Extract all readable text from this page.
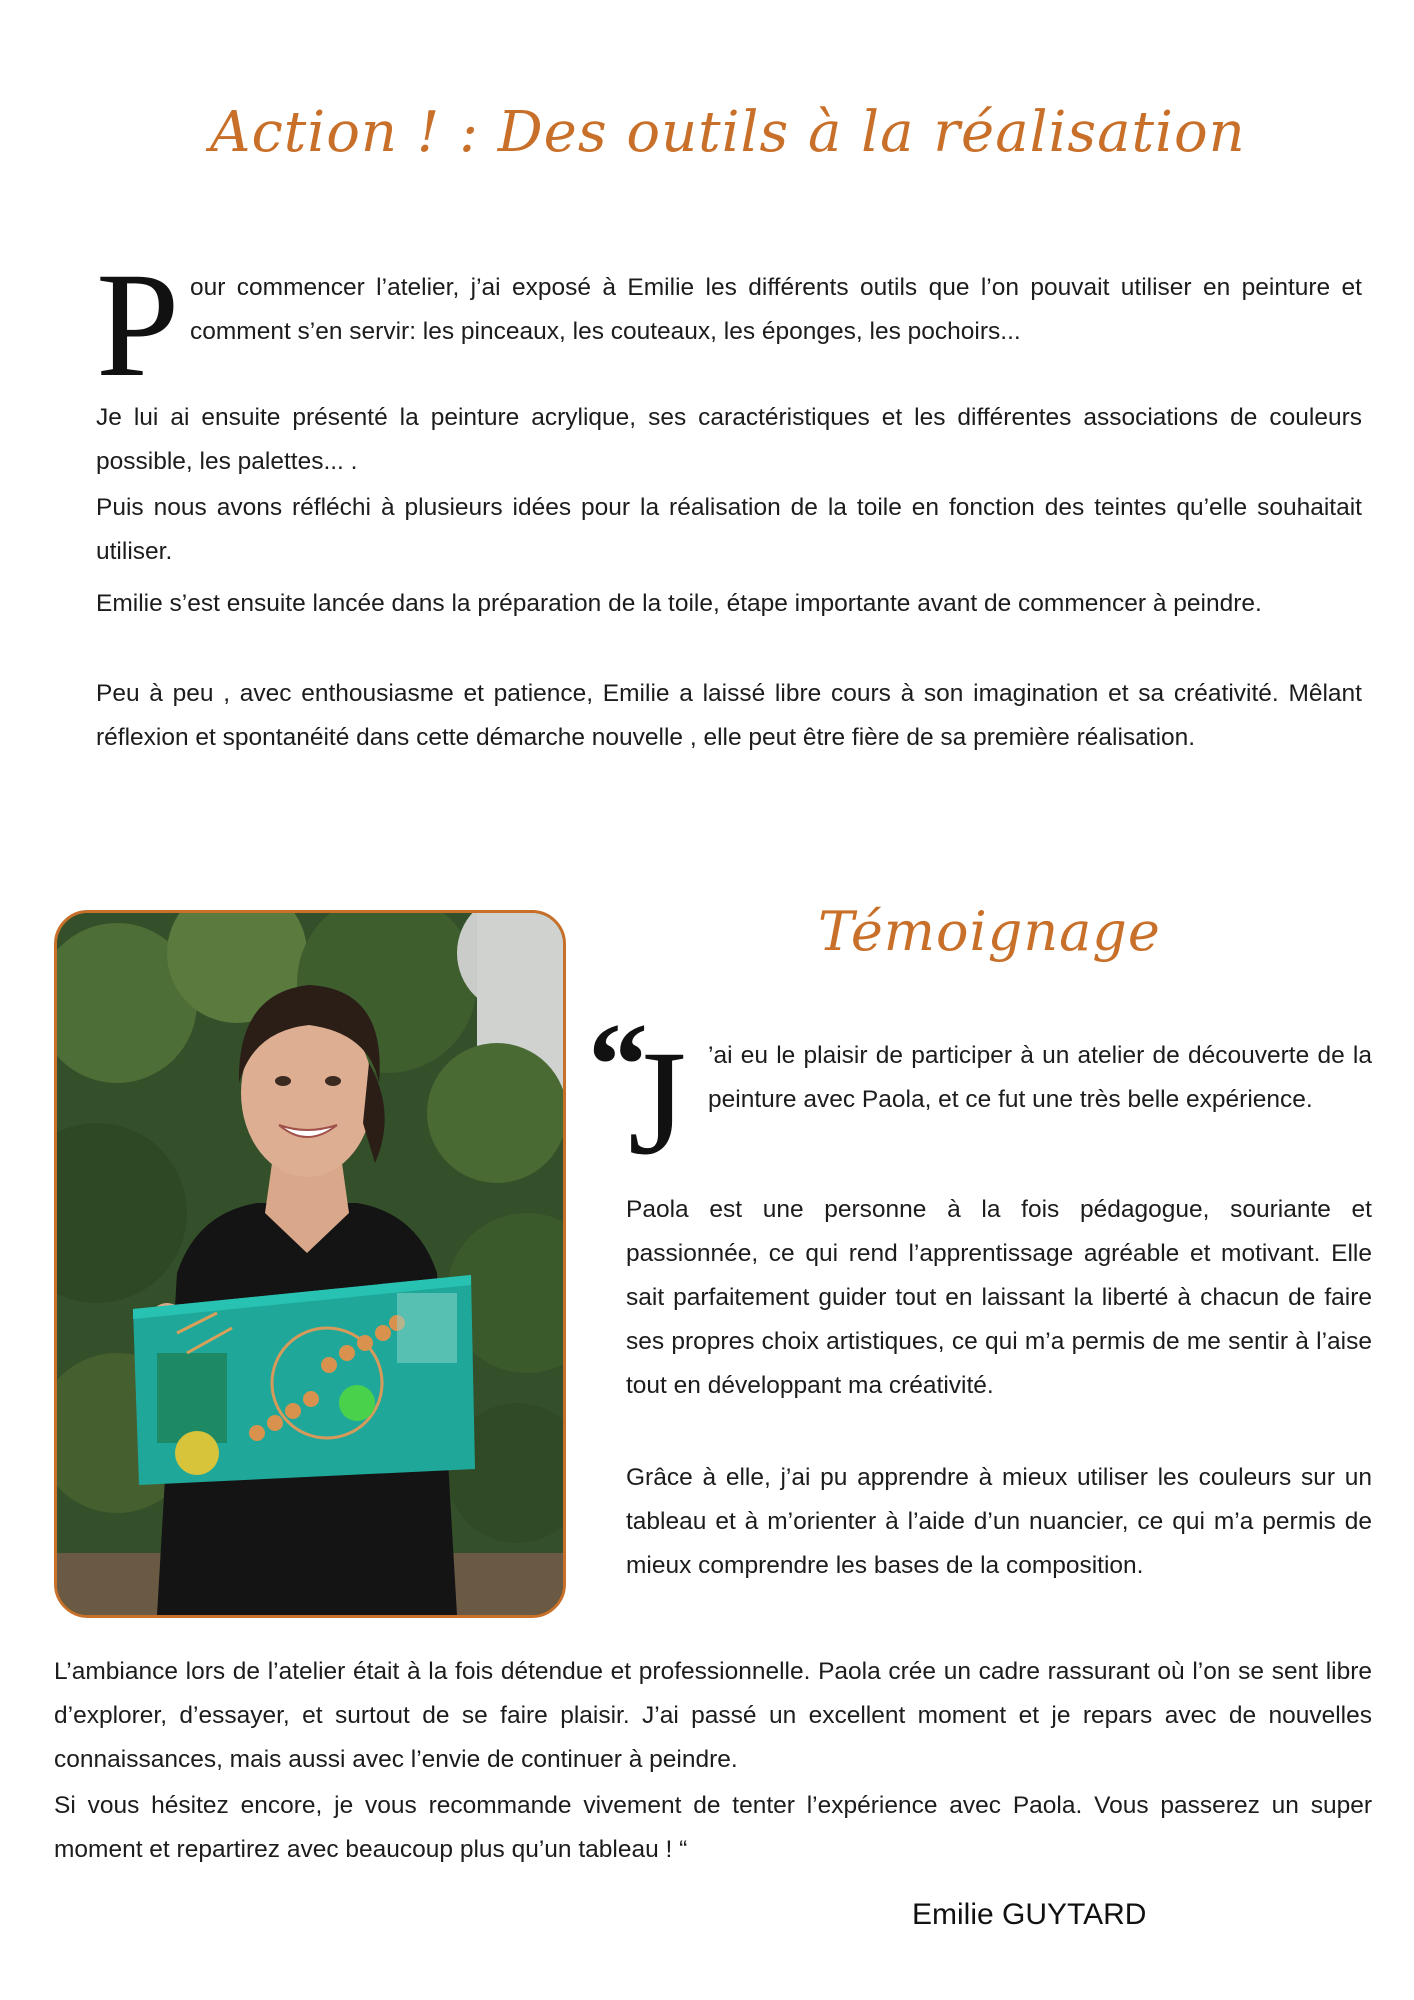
Action ! : Des outils à la réalisation
P our commencer l’atelier, j’ai exposé à Emilie les différents outils que l’on pouvait utiliser en peinture et comment s’en servir: les pinceaux, les couteaux, les éponges, les pochoirs...

Je lui ai ensuite présenté la peinture acrylique, ses caractéristiques et les différentes associations de couleurs possible, les palettes... .

Puis nous avons réfléchi à plusieurs idées pour la réalisation de la toile en fonction des teintes qu’elle souhaitait utiliser.

Emilie s’est ensuite lancée dans la préparation de la toile, étape importante avant de commencer à peindre.

Peu à peu , avec enthousiasme et patience, Emilie a laissé libre cours à son imagination et sa créativité. Mêlant réflexion et spontanéité dans cette démarche nouvelle , elle peut être fière de sa première réalisation.

Témoignage
“
J ’ai eu le plaisir de participer à un atelier de découverte de la peinture avec Paola, et ce fut une très belle expérience.

Paola est une personne à la fois pédagogue, souriante et passionnée, ce qui rend l’apprentissage agréable et motivant. Elle sait parfaitement guider tout en laissant la liberté à chacun de faire ses propres choix artistiques, ce qui m’a permis de me sentir à l’aise tout en développant ma créativité.

Grâce à elle, j’ai pu apprendre à mieux utiliser les couleurs sur un tableau et à m’orienter à l’aide d’un nuancier, ce qui m’a permis de mieux comprendre les bases de la composition.

L’ambiance lors de l’atelier était à la fois détendue et professionnelle. Paola crée un cadre rassurant où l’on se sent libre d’explorer, d’essayer, et surtout de se faire plaisir. J’ai passé un excellent moment et je repars avec de nouvelles connaissances, mais aussi avec l’envie de continuer à peindre.

Si vous hésitez encore, je vous recommande vivement de tenter l’expérience avec Paola. Vous passerez un super moment et repartirez avec beaucoup plus qu’un tableau ! “

Emilie GUYTARD
